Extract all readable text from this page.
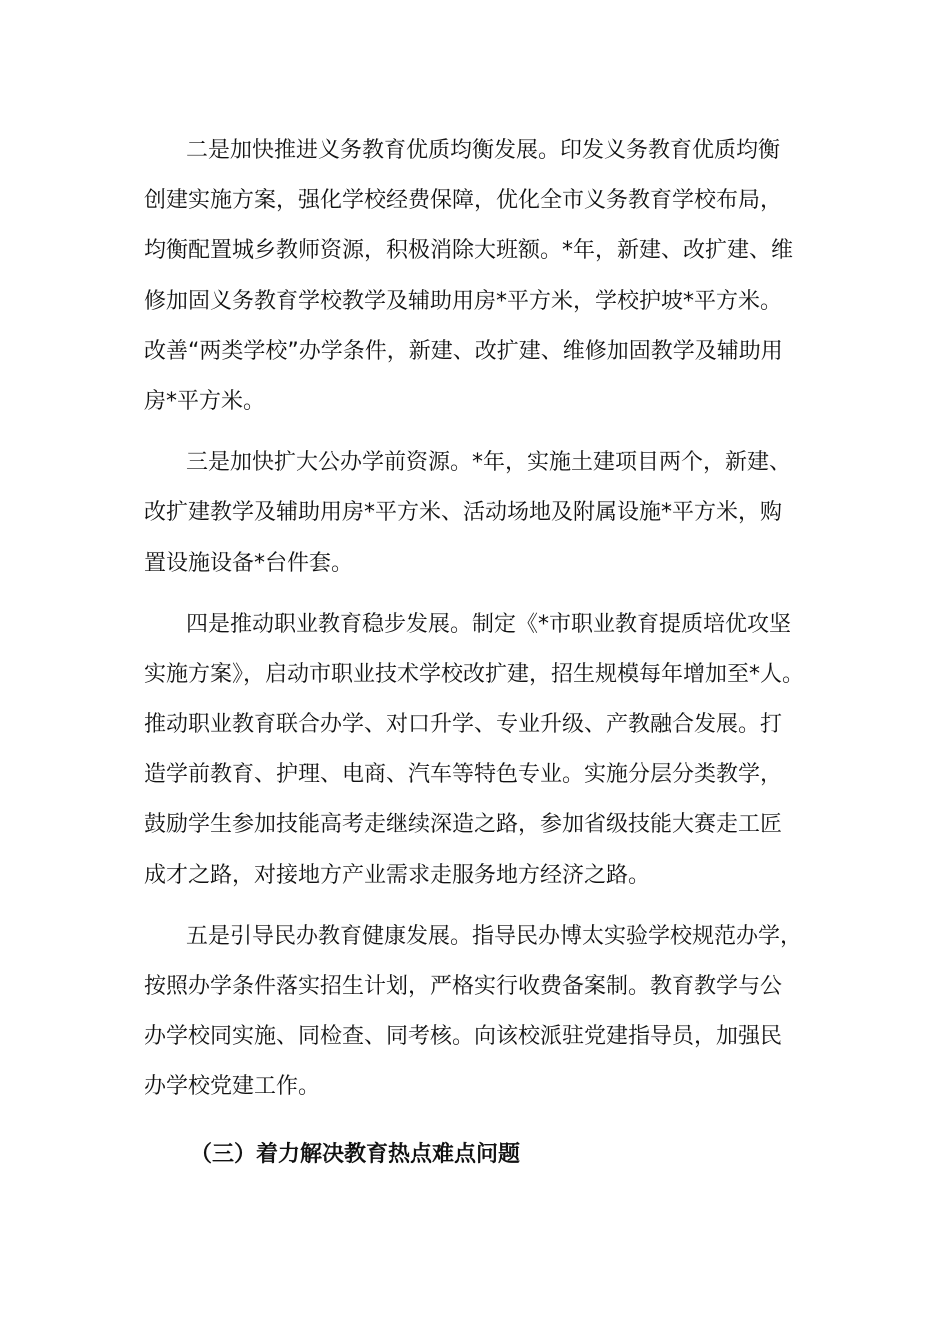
二是加快推进义务教育优质均衡发展。印发义务教育优质均衡
创建实施方案，强化学校经费保障，优化全市义务教育学校布局，
均衡配置城乡教师资源，积极消除大班额。*年，新建、改扩建、维
修加固义务教育学校教学及辅助用房*平方米，学校护坡*平方米。
改善“两类学校”办学条件，新建、改扩建、维修加固教学及辅助用
房*平方米。
三是加快扩大公办学前资源。*年，实施土建项目两个，新建、
改扩建教学及辅助用房*平方米、活动场地及附属设施*平方米，购
置设施设备*台件套。
四是推动职业教育稳步发展。制定《*市职业教育提质培优攻坚
实施方案》，启动市职业技术学校改扩建，招生规模每年增加至*人。
推动职业教育联合办学、对口升学、专业升级、产教融合发展。打
造学前教育、护理、电商、汽车等特色专业。实施分层分类教学，
鼓励学生参加技能高考走继续深造之路，参加省级技能大赛走工匠
成才之路，对接地方产业需求走服务地方经济之路。
五是引导民办教育健康发展。指导民办博太实验学校规范办学，
按照办学条件落实招生计划，严格实行收费备案制。教育教学与公
办学校同实施、同检查、同考核。向该校派驻党建指导员，加强民
办学校党建工作。
（三）着力解决教育热点难点问题
